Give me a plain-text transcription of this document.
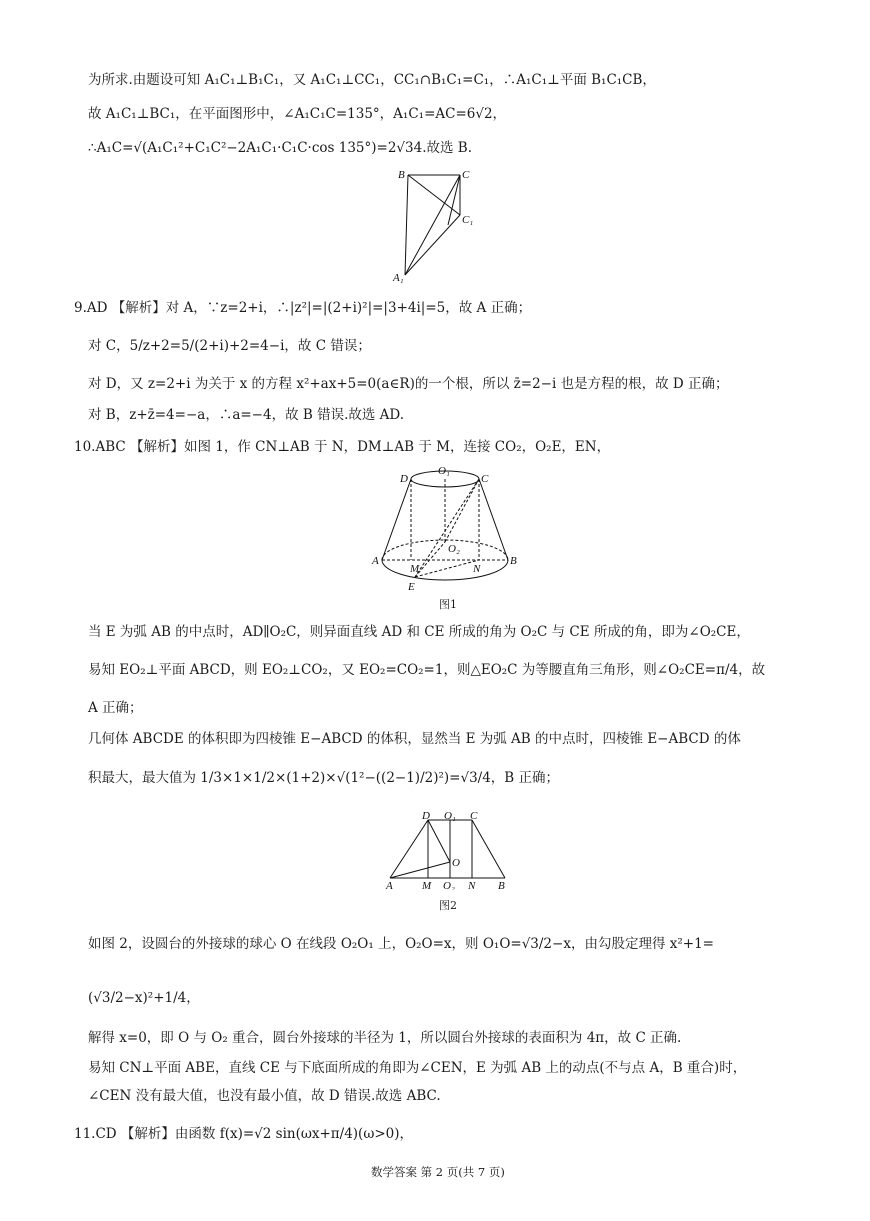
为所求.由题设可知 A₁C₁⊥B₁C₁，又 A₁C₁⊥CC₁，CC₁∩B₁C₁=C₁，∴A₁C₁⊥平面 B₁C₁CB，
故 A₁C₁⊥BC₁，在平面图形中，∠A₁C₁C=135°，A₁C₁=AC=6√2，
∴A₁C=√(A₁C₁²+C₁C²−2A₁C₁·C₁C·cos 135°)=2√34.故选 B.
B	C
C₁
A₁
9.AD 【解析】对 A，∵z=2+i，∴|z²|=|(2+i)²|=|3+4i|=5，故 A 正确；
对 C，5/z+2=5/(2+i)+2=4−i，故 C 错误；
对 D，又 z=2+i 为关于 x 的方程 x²+ax+5=0(a∈R)的一个根，所以 z̄=2−i 也是方程的根，故 D 正确；
对 B，z+z̄=4=−a，∴a=−4，故 B 错误.故选 AD.
10.ABC 【解析】如图 1，作 CN⊥AB 于 N，DM⊥AB 于 M，连接 CO₂，O₂E，EN，
D
O₁
C
A	B
M	N
O₂
E
图1
当 E 为弧 AB 的中点时，AD∥O₂C，则异面直线 AD 和 CE 所成的角为 O₂C 与 CE 所成的角，即为∠O₂CE，
易知 EO₂⊥平面 ABCD，则 EO₂⊥CO₂，又 EO₂=CO₂=1，则△EO₂C 为等腰直角三角形，则∠O₂CE=π/4，故
A 正确；
几何体 ABCDE 的体积即为四棱锥 E−ABCD 的体积，显然当 E 为弧 AB 的中点时，四棱锥 E−ABCD 的体
积最大，最大值为 1/3×1×1/2×(1+2)×√(1²−((2−1)/2)²)=√3/4，B 正确；
D O₁ C
O
A	M O₂ N B
图2
如图 2，设圆台的外接球的球心 O 在线段 O₂O₁ 上，O₂O=x，则 O₁O=√3/2−x，由勾股定理得 x²+1=
(√3/2−x)²+1/4，
解得 x=0，即 O 与 O₂ 重合，圆台外接球的半径为 1，所以圆台外接球的表面积为 4π，故 C 正确.
易知 CN⊥平面 ABE，直线 CE 与下底面所成的角即为∠CEN，E 为弧 AB 上的动点(不与点 A，B 重合)时，
∠CEN 没有最大值，也没有最小值，故 D 错误.故选 ABC.
11.CD 【解析】由函数 f(x)=√2 sin(ωx+π/4)(ω>0)，
数学答案 第 2 页(共 7 页)
